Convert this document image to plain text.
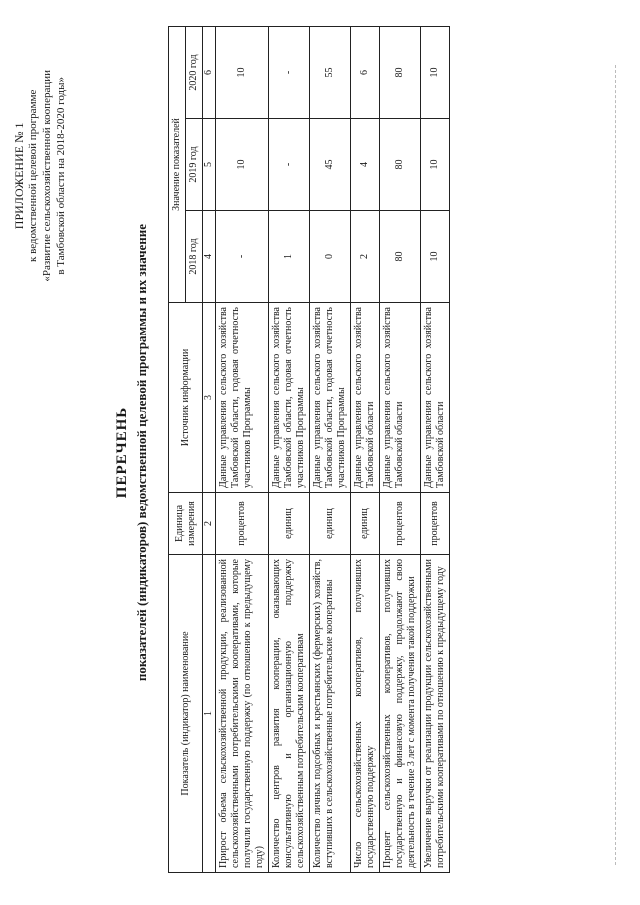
ПРИЛОЖЕНИЕ № 1 к ведомственной целевой программе «Развитие сельскохозяйственной кооперации в Тамбовской области на 2018-2020 годы»
ПЕРЕЧЕНЬ показателей (индикаторов) ведомственной целевой программы и их значение
Показатель (индикатор) наименование	Единица измерения	Источник информации	Значение показателей		
			2018 год	2019 год	2020 год
1	2	3	4	5	6
Прирост объема сельскохозяйственной продукции, реализованной сельскохозяйственными потребительскими кооперативами, которые получили государственную поддержку (по отношению к предыдущему году)	процентов	Данные управления сельского хозяйства Тамбовской области, годовая отчетность участников Программы	-	10	10
Количество центров развития кооперации, оказывающих консультативную и организационную поддержку сельскохозяйственным потребительским кооперативам	единиц	Данные управления сельского хозяйства Тамбовской области, годовая отчетность участников Программы	1	-	-
Количество личных подсобных и крестьянских (фермерских) хозяйств, вступивших в сельскохозяйственные потребительские кооперативы	единиц	Данные управления сельского хозяйства Тамбовской области, годовая отчетность участников Программы	0	45	55
Число сельскохозяйственных кооперативов, получивших государственную поддержку	единиц	Данные управления сельского хозяйства Тамбовской области	2	4	6
Процент сельскохозяйственных кооперативов, получивших государственную и финансовую поддержку, продолжают свою деятельность в течение 3 лет с момента получения такой поддержки	процентов	Данные управления сельского хозяйства Тамбовской области	80	80	80
Увеличение выручки от реализации продукции сельскохозяйственными потребительскими кооперативами по отношению к предыдущему году	процентов	Данные управления сельского хозяйства Тамбовской области	10	10	10
